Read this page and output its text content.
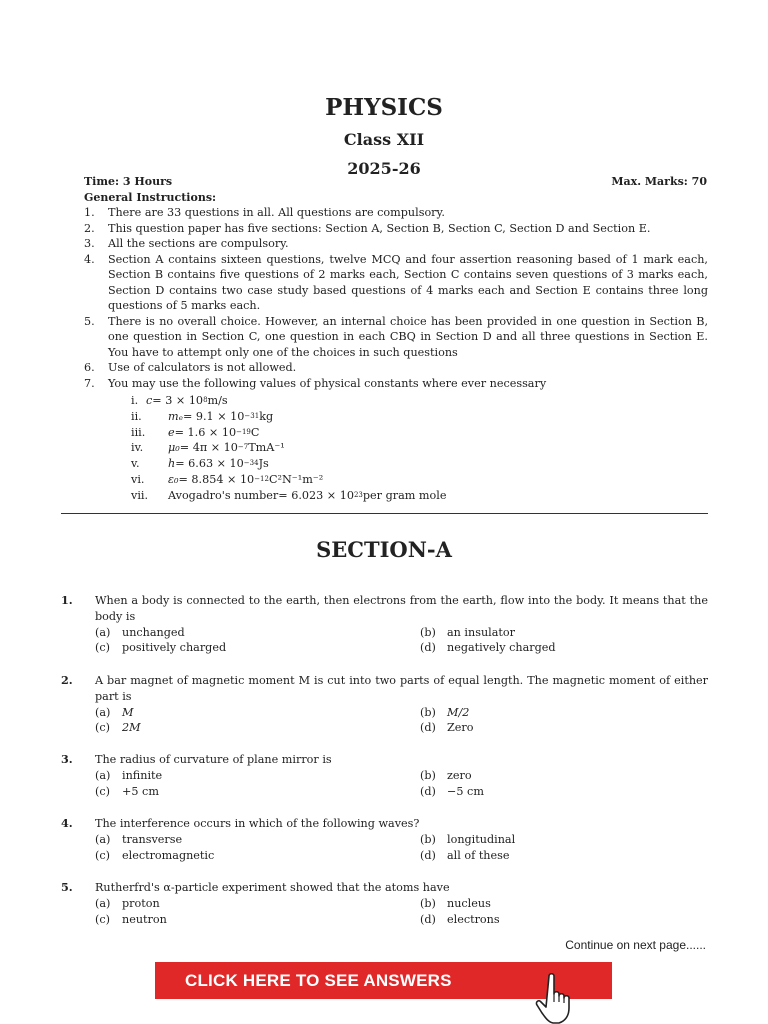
PHYSICS
Class XII
2025-26
Time: 3 Hours	Max. Marks: 70
General Instructions:
1.	There are 33 questions in all. All questions are compulsory.
2.	This question paper has five sections: Section A, Section B, Section C, Section D and Section E.
3.	All the sections are compulsory.
4.	Section A contains sixteen questions, twelve MCQ and four assertion reasoning based of 1 mark each, Section B contains five questions of 2 marks each, Section C contains seven questions of 3 marks each, Section D contains two case study based questions of 4 marks each and Section E contains three long questions of 5 marks each.
5.	There is no overall choice. However, an internal choice has been provided in one question in Section B, one question in Section C, one question in each CBQ in Section D and all three questions in Section E. You have to attempt only one of the choices in such questions
6.	Use of calculators is not allowed.
7.	You may use the following values of physical constants where ever necessary
i. c = 3 × 10 8 m/s
ii.	mₑ = 9.1 × 10 −31 kg
iii.	e = 1.6 × 10 −19 C
iv.	μ₀ = 4π × 10 −7 TmA⁻¹
v.	h = 6.63 × 10 −34 Js
vi.	ε₀ = 8.854 × 10 −12 C²N⁻¹m⁻²
vii.	Avogadro's number = 6.023 × 10 23 per gram mole
SECTION-A
1. When a body is connected to the earth, then electrons from the earth, flow into the body. It means that the body is
(a) unchanged	(b) an insulator
(c) positively charged	(d) negatively charged
2. A bar magnet of magnetic moment M is cut into two parts of equal length. The magnetic moment of either part is
(a) M	(b) M/2
(c) 2M	(d) Zero
3. The radius of curvature of plane mirror is
(a) infinite	(b) zero
(c) +5 cm	(d) −5 cm
4. The interference occurs in which of the following waves?
(a) transverse	(b) longitudinal
(c) electromagnetic	(d) all of these
5. Rutherfrd's α-particle experiment showed that the atoms have
(a) proton	(b) nucleus
(c) neutron	(d) electrons
Continue on next page......
CLICK HERE TO SEE ANSWERS
